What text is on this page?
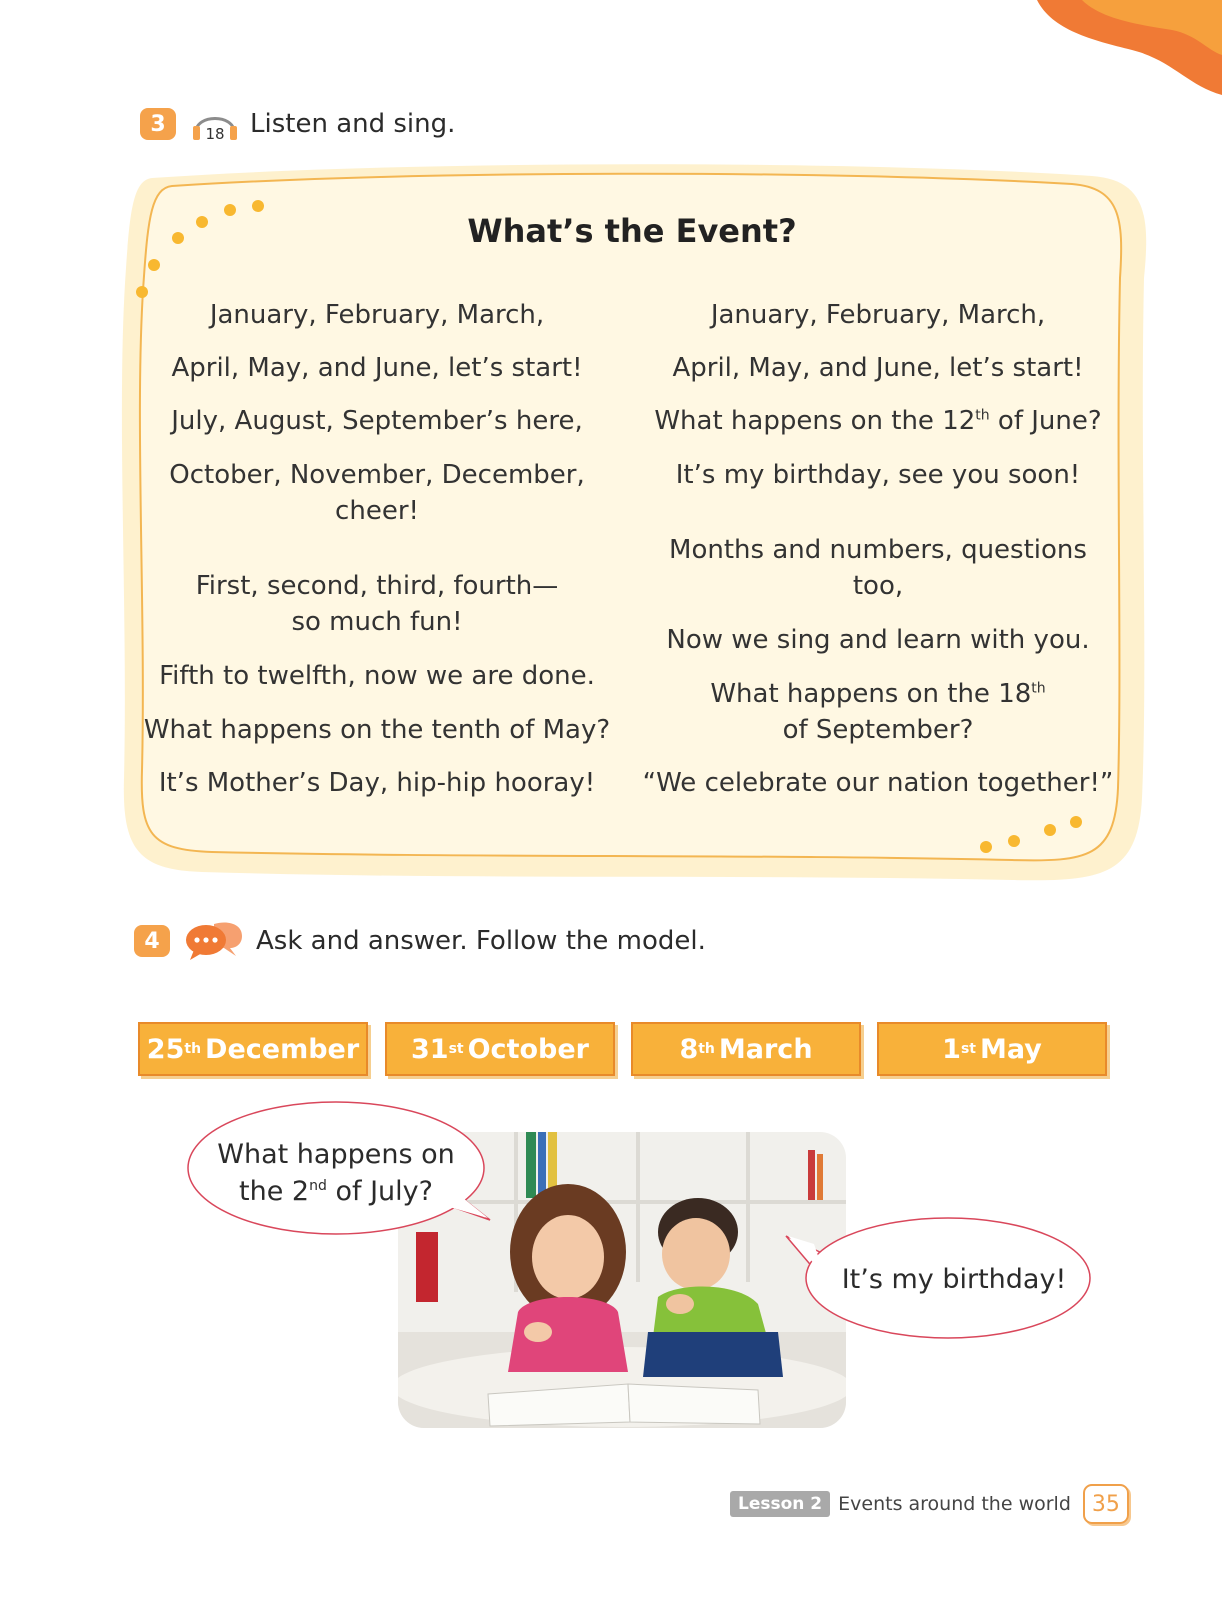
3	18 Listen and sing.
What’s the Event?
January, February, March,
April, May, and June, let’s start!
July, August, September’s here,
October, November, December,
cheer!
First, second, third, fourth—
so much fun!
Fifth to twelfth, now we are done.
What happens on the tenth of May?
It’s Mother’s Day, hip-hip hooray!
January, February, March,
April, May, and June, let’s start!
What happens on the 12th of June?
It’s my birthday, see you soon!
Months and numbers, questions
too,
Now we sing and learn with you.
What happens on the 18th
of September?
“We celebrate our nation together!”
4	Ask and answer. Follow the model.
25 th December 31 st October	8 th March	1 st May
What happens on
the 2nd of July?
It’s my birthday!
Lesson 2 Events around the world 35
